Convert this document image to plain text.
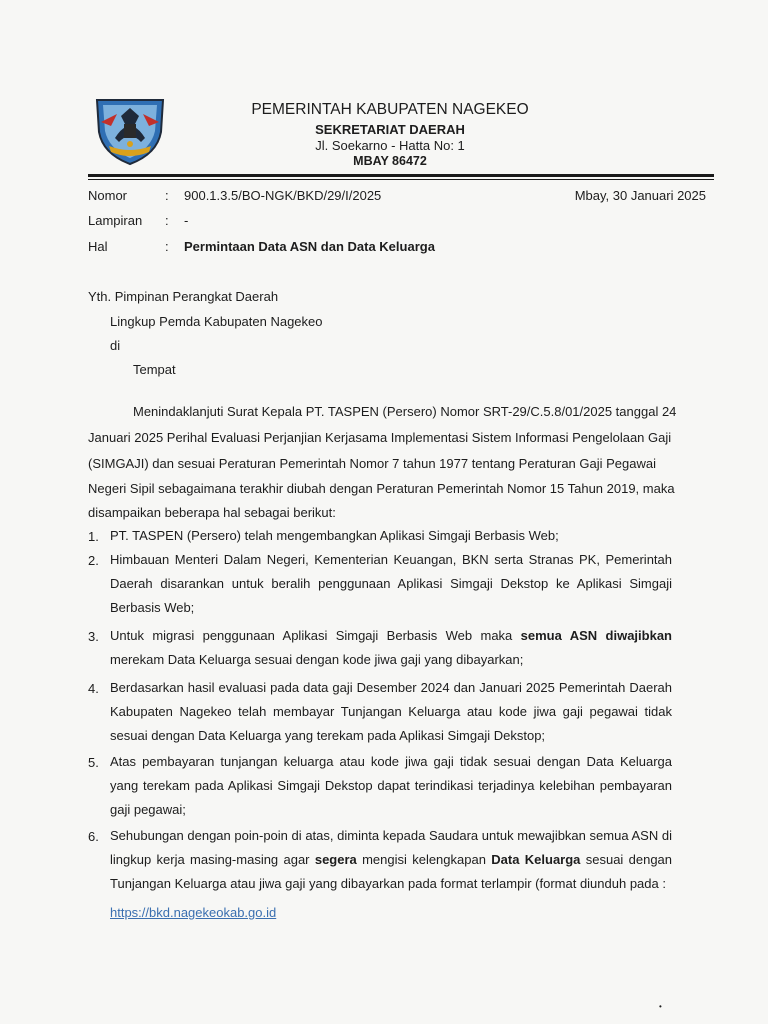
PEMERINTAH KABUPATEN NAGEKEO
SEKRETARIAT DAERAH
Jl. Soekarno - Hatta No: 1
MBAY 86472
Nomor	: 900.1.3.5/BO-NGK/BKD/29/I/2025	Mbay, 30 Januari 2025
Lampiran : -
Hal	: Permintaan Data ASN dan Data Keluarga
Yth. Pimpinan Perangkat Daerah
Lingkup Pemda Kabupaten Nagekeo
di
Tempat
Menindaklanjuti Surat Kepala PT. TASPEN (Persero) Nomor SRT-29/C.5.8/01/2025 tanggal 24
Januari 2025 Perihal Evaluasi Perjanjian Kerjasama Implementasi Sistem Informasi Pengelolaan Gaji
(SIMGAJI) dan sesuai Peraturan Pemerintah Nomor 7 tahun 1977 tentang Peraturan Gaji Pegawai
Negeri Sipil sebagaimana terakhir diubah dengan Peraturan Pemerintah Nomor 15 Tahun 2019, maka
disampaikan beberapa hal sebagai berikut:
1. PT. TASPEN (Persero) telah mengembangkan Aplikasi Simgaji Berbasis Web;

2. Himbauan Menteri Dalam Negeri, Kementerian Keuangan, BKN serta Stranas PK, Pemerintah Daerah disarankan untuk beralih penggunaan Aplikasi Simgaji Dekstop ke Aplikasi Simgaji Berbasis Web;

3. Untuk migrasi penggunaan Aplikasi Simgaji Berbasis Web maka semua ASN diwajibkan merekam Data Keluarga sesuai dengan kode jiwa gaji yang dibayarkan;

4. Berdasarkan hasil evaluasi pada data gaji Desember 2024 dan Januari 2025 Pemerintah Daerah Kabupaten Nagekeo telah membayar Tunjangan Keluarga atau kode jiwa gaji pegawai tidak sesuai dengan Data Keluarga yang terekam pada Aplikasi Simgaji Dekstop;

5. Atas pembayaran tunjangan keluarga atau kode jiwa gaji tidak sesuai dengan Data Keluarga yang terekam pada Aplikasi Simgaji Dekstop dapat terindikasi terjadinya kelebihan pembayaran gaji pegawai;

6. Sehubungan dengan poin-poin di atas, diminta kepada Saudara untuk mewajibkan semua ASN di lingkup kerja masing-masing agar segera mengisi kelengkapan Data Keluarga sesuai dengan Tunjangan Keluarga atau jiwa gaji yang dibayarkan pada format terlampir (format diunduh pada :

https://bkd.nagekeokab.go.id
•
